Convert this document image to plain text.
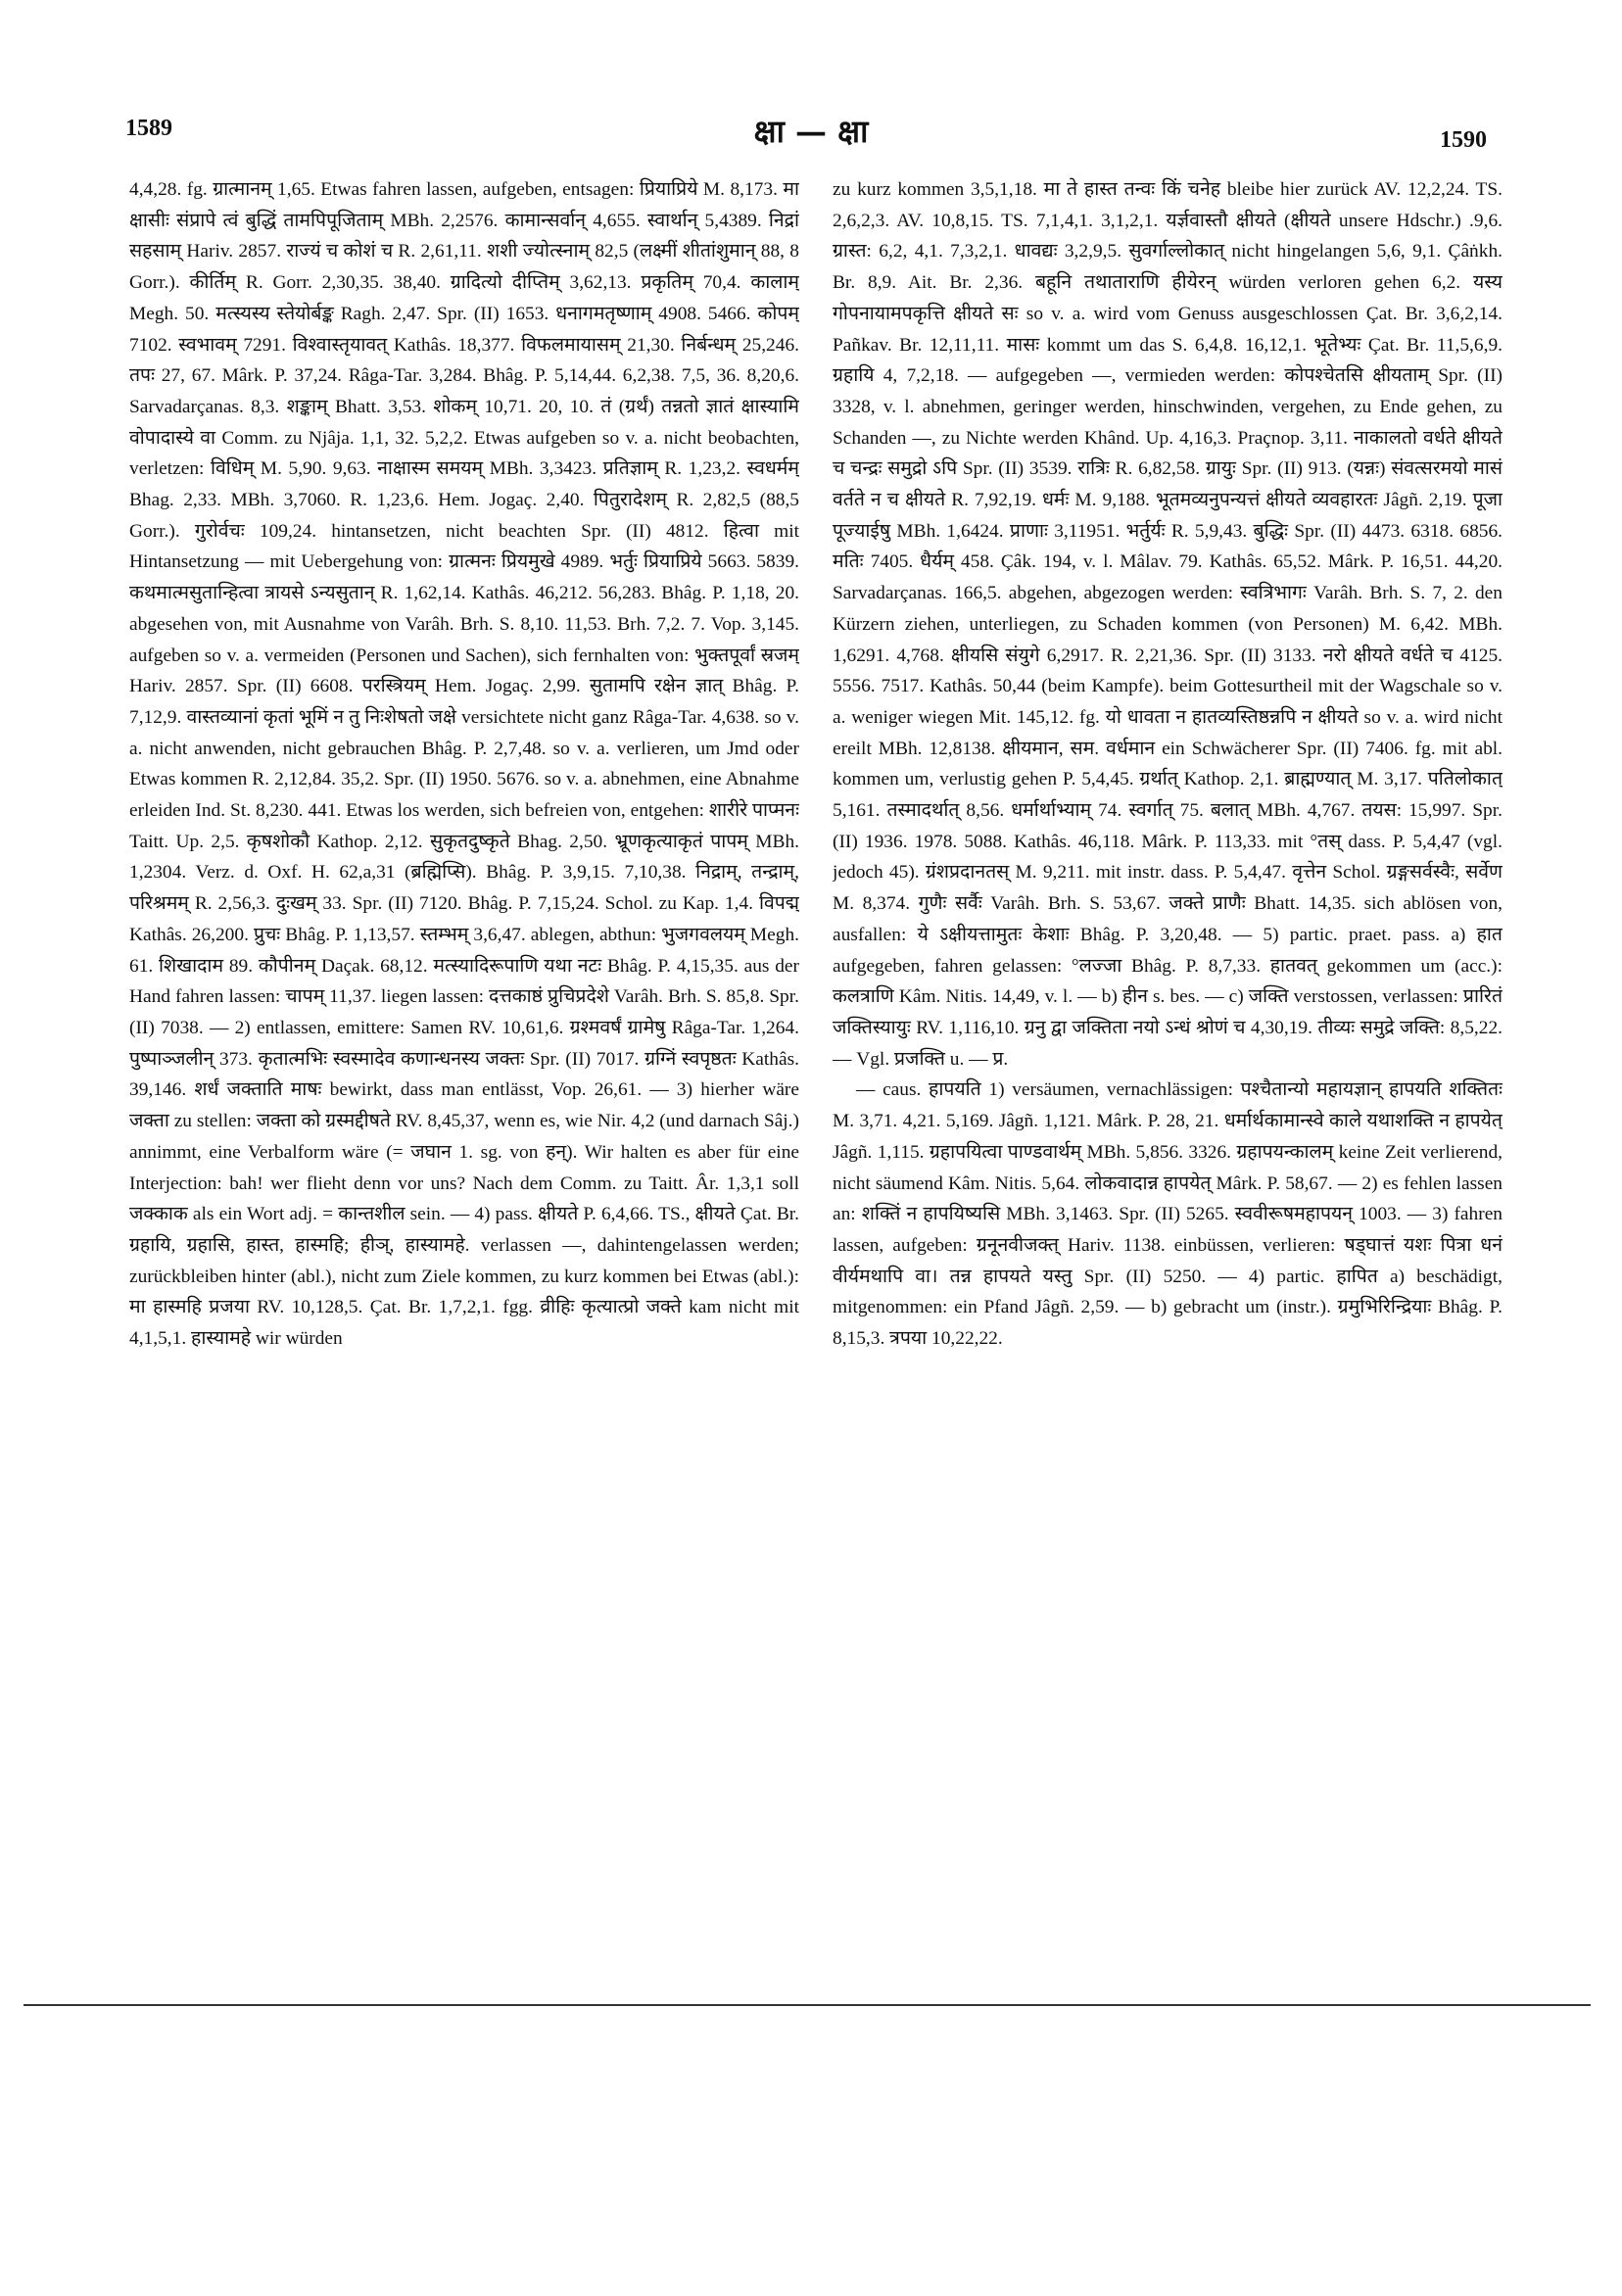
1589	क्षा — क्षा	1590

4,4,28. fg. ग्रात्मानम् 1,65. Etwas fahren lassen, aufgeben, entsagen: प्रियाप्रिये M. 8,173. मा क्षासीः संप्रापे त्वं बुद्धिं तामपिपूजिताम् MBh. 2,2576. कामान्सर्वान् 4,655. स्वार्थान् 5,4389. निद्रां सहसाम् Hariv. 2857. राज्यं च कोशं च R. 2,61,11. शशी ज्योत्स्नाम् 82,5 (लक्ष्मीं शीतांशुमान् 88, 8 Gorr.). कीर्तिम् R. Gorr. 2,30,35. 38,40. ग्रादित्यो दीप्तिम् 3,62,13. प्रकृतिम् 70,4. कालाम् Megh. 50. मत्स्यस्य स्तेयोर्बङ्क Ragh. 2,47. Spr. (II) 1653. धनागमतृष्णाम् 4908. 5466. कोपम् 7102. स्वभावम् 7291. विश्वास्तृयावत् Kathâs. 18,377. विफलमायासम् 21,30. निर्बन्धम् 25,246. तपः 27, 67. Mârk. P. 37,24. Râga-Tar. 3,284. Bhâg. P. 5,14,44. 6,2,38. 7,5, 36. 8,20,6. Sarvadarçanas. 8,3. शङ्काम् Bhatt. 3,53. शोकम् 10,71. 20, 10. तं (ग्रर्थं) तन्नतो ज्ञातं क्षास्यामि वोपादास्ये वा Comm. zu Njâja. 1,1, 32. 5,2,2. Etwas aufgeben so v. a. nicht beobachten, verletzen: विधिम् M. 5,90. 9,63. नाक्षास्म समयम् MBh. 3,3423. प्रतिज्ञाम् R. 1,23,2. स्वधर्मम् Bhag. 2,33. MBh. 3,7060. R. 1,23,6. Hem. Jogaç. 2,40. पितुरादेशम् R. 2,82,5 (88,5 Gorr.). गुरोर्वचः 109,24. hintansetzen, nicht beachten Spr. (II) 4812. हित्वा mit Hintansetzung — mit Uebergehung von: ग्रात्मनः प्रियमुखे 4989. भर्तुः प्रियाप्रिये 5663. 5839. कथमात्मसुतान्हित्वा त्रायसे ऽन्यसुतान् R. 1,62,14. Kathâs. 46,212. 56,283. Bhâg. P. 1,18, 20. abgesehen von, mit Ausnahme von Varâh. Brh. S. 8,10. 11,53. Brh. 7,2. 7. Vop. 3,145. aufgeben so v. a. vermeiden (Personen und Sachen), sich fernhalten von: भुक्तपूर्वां स्रजम् Hariv. 2857. Spr. (II) 6608. परस्त्रियम् Hem. Jogaç. 2,99. सुतामपि रक्षेन ज्ञात् Bhâg. P. 7,12,9. वास्तव्यानां कृतां भूमिं न तु निःशेषतो जक्षे versichtete nicht ganz Râga-Tar. 4,638. so v. a. nicht anwenden, nicht gebrauchen Bhâg. P. 2,7,48. so v. a. verlieren, um Jmd oder Etwas kommen R. 2,12,84. 35,2. Spr. (II) 1950. 5676. so v. a. abnehmen, eine Abnahme erleiden Ind. St. 8,230. 441. Etwas los werden, sich befreien von, entgehen: शारीरे पाप्मनः Taitt. Up. 2,5. कृषशोकौ Kathop. 2,12. सुकृतदुष्कृते Bhag. 2,50. भ्रूणकृत्याकृतं पापम् MBh. 1,2304. Verz. d. Oxf. H. 62,a,31 (ब्रह्मिप्सि). Bhâg. P. 3,9,15. 7,10,38. निद्राम्, तन्द्राम्, परिश्रमम् R. 2,56,3. दुःखम् 33. Spr. (II) 7120. Bhâg. P. 7,15,24. Schol. zu Kap. 1,4. विपद्म् Kathâs. 26,200. प्रुचः Bhâg. P. 1,13,57. स्तम्भम् 3,6,47. ablegen, abthun: भुजगवलयम् Megh. 61. शिखादाम 89. कौपीनम् Daçak. 68,12. मत्स्यादिरूपाणि यथा नटः Bhâg. P. 4,15,35. aus der Hand fahren lassen: चापम् 11,37. liegen lassen: दत्तकाष्ठं प्रुचिप्रदेशे Varâh. Brh. S. 85,8. Spr. (II) 7038. — 2) entlassen, emittere: Samen RV. 10,61,6. ग्रश्मवर्षं ग्रामेषु Râga-Tar. 1,264. पुष्पाञ्जलीन् 373. कृतात्मभिः स्वस्मादेव कणान्धनस्य जक्तः Spr. (II) 7017. ग्रग्निं स्वपृष्ठतः Kathâs. 39,146. शर्धं जक्ताति माषः bewirkt, dass man entlässt, Vop. 26,61. — 3) hierher wäre जक्ता zu stellen: जक्ता को ग्रस्मद्दीषते RV. 8,45,37, wenn es, wie Nir. 4,2 (und darnach Sâj.) annimmt, eine Verbalform wäre (= जघान 1. sg. von हन्). Wir halten es aber für eine Interjection: bah! wer flieht denn vor uns? Nach dem Comm. zu Taitt. Âr. 1,3,1 soll जक्काक als ein Wort adj. = कान्तशील sein. — 4) pass. क्षीयते P. 6,4,66. TS., क्षीयते Çat. Br. ग्रहायि, ग्रहासि, हास्त, हास्महि; हीञ्, हास्यामहे. verlassen —, dahintengelassen werden; zurückbleiben hinter (abl.), nicht zum Ziele kommen, zu kurz kommen bei Etwas (abl.): मा हास्महि प्रजया RV. 10,128,5. Çat. Br. 1,7,2,1. fgg. व्रीहिः कृत्यात्प्रो जक्ते kam nicht mit 4,1,5,1. हास्यामहे wir würden

zu kurz kommen 3,5,1,18. मा ते हास्त तन्वः किं चनेह bleibe hier zurück AV. 12,2,24. TS. 2,6,2,3. AV. 10,8,15. TS. 7,1,4,1. 3,1,2,1. यर्ज्ञवास्तौ क्षीयते (क्षीयते unsere Hdschr.) .9,6. ग्रास्त: 6,2, 4,1. 7,3,2,1. धावद्यः 3,2,9,5. सुवर्गाल्लोकात् nicht hingelangen 5,6, 9,1. Çâṅkh. Br. 8,9. Ait. Br. 2,36. बहूनि तथाताराणि हीयेरन् würden verloren gehen 6,2. यस्य गोपनायामपकृत्ति क्षीयते सः so v. a. wird vom Genuss ausgeschlossen Çat. Br. 3,6,2,14. Pañkav. Br. 12,11,11. मासः kommt um das S. 6,4,8. 16,12,1. भूतेभ्यः Çat. Br. 11,5,6,9. ग्रहायि 4, 7,2,18. — aufgegeben —, vermieden werden: कोपश्चेतसि क्षीयताम् Spr. (II) 3328, v. l. abnehmen, geringer werden, hinschwinden, vergehen, zu Ende gehen, zu Schanden —, zu Nichte werden Khând. Up. 4,16,3. Praçnop. 3,11. नाकालतो वर्धते क्षीयते च चन्द्रः समुद्रो ऽपि Spr. (II) 3539. रात्रिः R. 6,82,58. ग्रायुः Spr. (II) 913. (यन्नः) संवत्सरमयो मासं वर्तते न च क्षीयते R. 7,92,19. धर्मः M. 9,188. भूतमव्यनुपन्यत्तं क्षीयते व्यवहारतः Jâgñ. 2,19. पूजा पूज्याईषु MBh. 1,6424. प्राणाः 3,11951. भर्तुर्यः R. 5,9,43. बुद्धिः Spr. (II) 4473. 6318. 6856. मतिः 7405. धैर्यम् 458. Çâk. 194, v. l. Mâlav. 79. Kathâs. 65,52. Mârk. P. 16,51. 44,20. Sarvadarçanas. 166,5. abgehen, abgezogen werden: स्वत्रिभागः Varâh. Brh. S. 7, 2. den Kürzern ziehen, unterliegen, zu Schaden kommen (von Personen) M. 6,42. MBh. 1,6291. 4,768. क्षीयसि संयुगे 6,2917. R. 2,21,36. Spr. (II) 3133. नरो क्षीयते वर्धते च 4125. 5556. 7517. Kathâs. 50,44 (beim Kampfe). beim Gottesurtheil mit der Wagschale so v. a. weniger wiegen Mit. 145,12. fg. यो धावता न हातव्यस्तिष्ठन्नपि न क्षीयते so v. a. wird nicht ereilt MBh. 12,8138. क्षीयमान, सम. वर्धमान ein Schwächerer Spr. (II) 7406. fg. mit abl. kommen um, verlustig gehen P. 5,4,45. ग्रर्थात् Kathop. 2,1. ब्राह्मण्यात् M. 3,17. पतिलोकात् 5,161. तस्मादर्थात् 8,56. धर्मार्थाभ्याम् 74. स्वर्गात् 75. बलात् MBh. 4,767. तयस: 15,997. Spr. (II) 1936. 1978. 5088. Kathâs. 46,118. Mârk. P. 113,33. mit °तस् dass. P. 5,4,47 (vgl. jedoch 45). ग्रंशप्रदानतस् M. 9,211. mit instr. dass. P. 5,4,47. वृत्तेन Schol. ग्रङ्गसर्वस्वैः, सर्वेण M. 8,374. गुणैः सर्वैः Varâh. Brh. S. 53,67. जक्ते प्राणैः Bhatt. 14,35. sich ablösen von, ausfallen: ये ऽक्षीयत्तामुतः केशाः Bhâg. P. 3,20,48. — 5) partic. praet. pass. a) हात aufgegeben, fahren gelassen: °लज्जा Bhâg. P. 8,7,33. हातवत् gekommen um (acc.): कलत्राणि Kâm. Nitis. 14,49, v. l. — b) हीन s. bes. — c) जक्ति verstossen, verlassen: प्रारितं जक्तिस्यायुः RV. 1,116,10. ग्रनु द्वा जक्तिता नयो ऽन्धं श्रोणं च 4,30,19. तीव्यः समुद्रे जक्ति: 8,5,22. — Vgl. प्रजक्ति u. — प्र.

— caus. हापयति 1) versäumen, vernachlässigen: पश्चैतान्यो महायज्ञान् हापयति शक्तितः M. 3,71. 4,21. 5,169. Jâgñ. 1,121. Mârk. P. 28, 21. धर्मार्थकामान्स्वे काले यथाशक्ति न हापयेत् Jâgñ. 1,115. ग्रहापयित्वा पाण्डवार्थम् MBh. 5,856. 3326. ग्रहापयन्कालम् keine Zeit verlierend, nicht säumend Kâm. Nitis. 5,64. लोकवादान्न हापयेत् Mârk. P. 58,67. — 2) es fehlen lassen an: शक्तिं न हापयिष्यसि MBh. 3,1463. Spr. (II) 5265. स्ववीरूषमहापयन् 1003. — 3) fahren lassen, aufgeben: ग्रनूनवीजक्त् Hariv. 1138. einbüssen, verlieren: षड्घात्तं यशः पित्रा धनं वीर्यमथापि वा। तन्न हापयते यस्तु Spr. (II) 5250. — 4) partic. हापित a) beschädigt, mitgenommen: ein Pfand Jâgñ. 2,59. — b) gebracht um (instr.). ग्रमुभिरिन्द्रियाः Bhâg. P. 8,15,3. त्रपया 10,22,22.
